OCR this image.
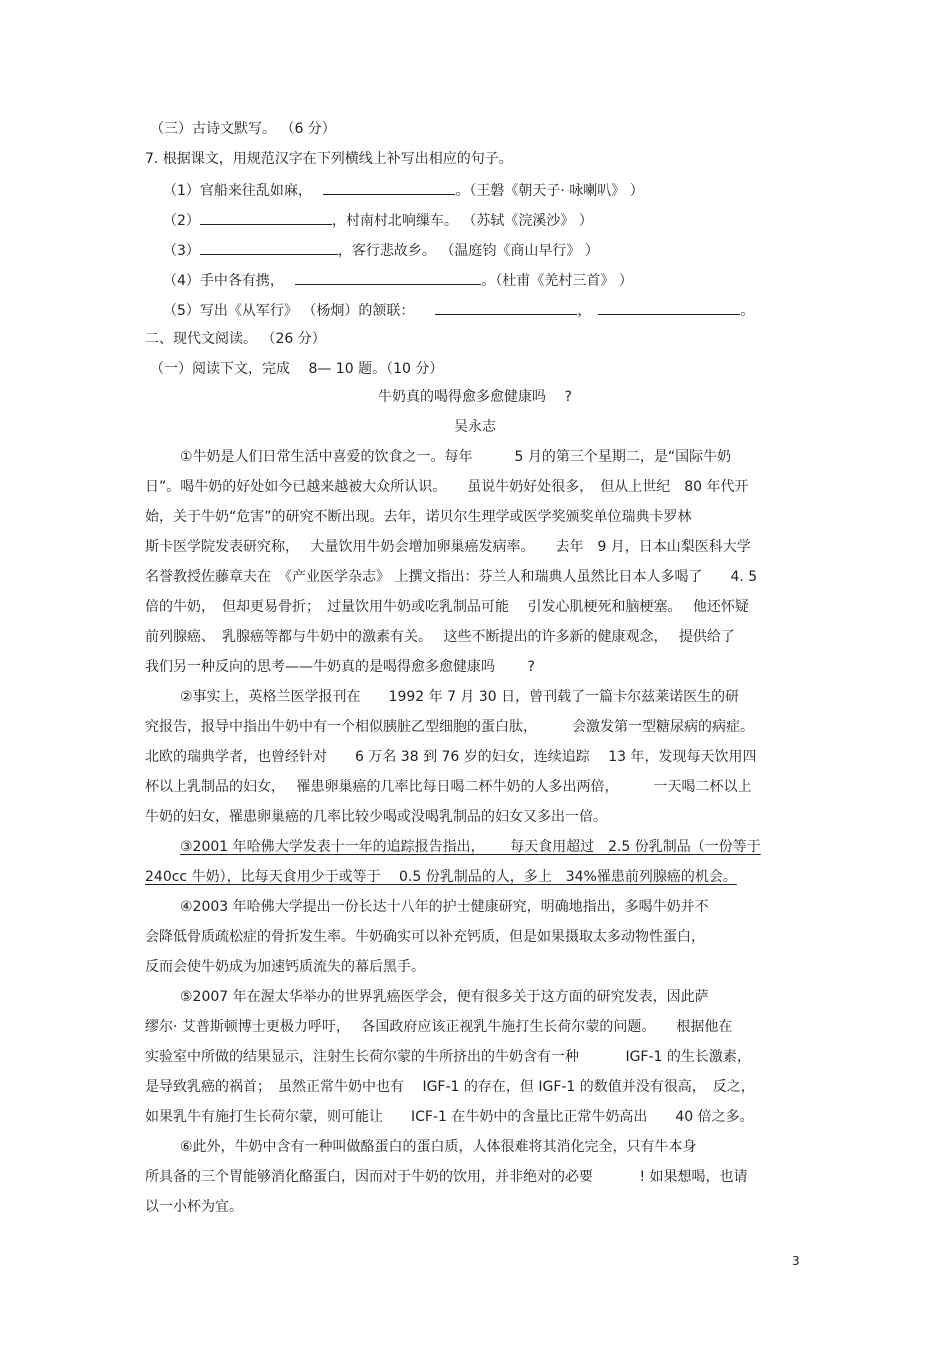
（三）古诗文默写。 （6 分）
7. 根据课文，用规范汉字在下列横线上补写出相应的句子。
（1）官船来往乱如麻，　	。（王磐《朝天子· 咏喇叭》 ）
（2）	，村南村北响缫车。 （苏轼《浣溪沙》 ）
（3）	，客行悲故乡。 （温庭钧《商山早行》 ）
（4）手中各有携，　	。（杜甫《羌村三首》 ）
（5）写出《从军行》 （杨炯）的颔联：　　	，　	。
二、现代文阅读。 （26 分）
（一）阅读下文，完成　 8— 10 题。（10 分）
牛奶真的喝得愈多愈健康吗　 ?
吴永志
①牛奶是人们日常生活中喜爱的饮食之一。每年　　　5 月的第三个星期二，是“国际牛奶
日”。喝牛奶的好处如今已越来越被大众所认识。　　虽说牛奶好处很多，　但从上世纪　80 年代开
始，关于牛奶“危害”的研究不断出现。去年，诺贝尔生理学或医学奖颁奖单位瑞典卡罗林
斯卡医学院发表研究称，　 大量饮用牛奶会增加卵巢癌发病率。　　去年　9 月，日本山梨医科大学
名誉教授佐藤章夫在　《产业医学杂志》 上撰文指出：芬兰人和瑞典人虽然比日本人多喝了　　4. 5
倍的牛奶，　但却更易骨折；　过量饮用牛奶或吃乳制品可能　 引发心肌梗死和脑梗塞。　 他还怀疑
前列腺癌、　乳腺癌等都与牛奶中的激素有关。　 这些不断提出的许多新的健康观念，　 提供给了
我们另一种反向的思考——牛奶真的是喝得愈多愈健康吗　　 ?
②事实上，英格兰医学报刊在　　1992 年 7 月 30 日，曾刊载了一篇卡尔兹莱诺医生的研
究报告，报导中指出牛奶中有一个相似胰脏乙型细胞的蛋白肽，　　　会激发第一型糖尿病的病症。
北欧的瑞典学者，也曾经针对　　6 万名 38 到 76 岁的妇女，连续追踪　 13 年，发现每天饮用四
杯以上乳制品的妇女，　 罹患卵巢癌的几率比每日喝二杯牛奶的人多出两倍，　　　一天喝二杯以上
牛奶的妇女，罹患卵巢癌的几率比较少喝或没喝乳制品的妇女又多出一倍。
③2001 年哈佛大学发表十一年的追踪报告指出，　　 每天食用超过　2.5 份乳制品（一份等于
240cc 牛奶），比每天食用少于或等于　 0.5 份乳制品的人，多上　34%罹患前列腺癌的机会。
④2003 年哈佛大学提出一份长达十八年的护士健康研究，明确地指出，多喝牛奶并不
会降低骨质疏松症的骨折发生率。牛奶确实可以补充钙质，但是如果摄取太多动物性蛋白，
反而会使牛奶成为加速钙质流失的幕后黑手。
⑤2007 年在渥太华举办的世界乳癌医学会，便有很多关于这方面的研究发表，因此萨
缪尔· 艾普斯顿博士更极力呼吁，　 各国政府应该正视乳牛施打生长荷尔蒙的问题。　　根据他在
实验室中所做的结果显示，注射生长荷尔蒙的牛所挤出的牛奶含有一种　　　 IGF-1 的生长激素，
是导致乳癌的祸首；　虽然正常牛奶中也有　 IGF-1 的存在，但 IGF-1 的数值并没有很高，　反之，
如果乳牛有施打生长荷尔蒙，则可能让　　ICF-1 在牛奶中的含量比正常牛奶高出　　40 倍之多。
⑥此外，牛奶中含有一种叫做酪蛋白的蛋白质，人体很难将其消化完全，只有牛本身
所具备的三个胃能够消化酪蛋白，因而对于牛奶的饮用，并非绝对的必要　　　 ! 如果想喝，也请
以一小杯为宜。
3
